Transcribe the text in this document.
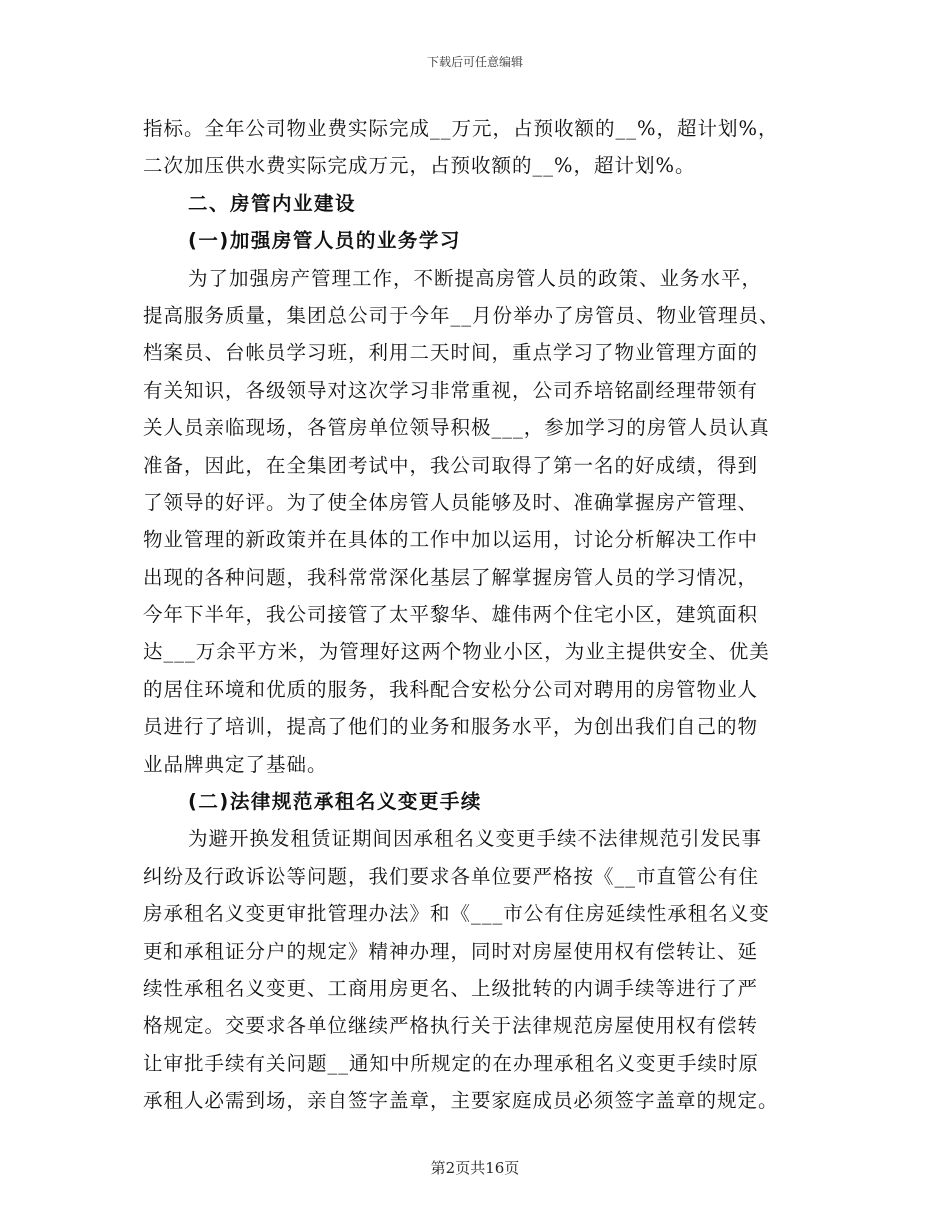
下载后可任意编辑
指标。全年公司物业费实际完成__万元，占预收额的__%，超计划%，
二次加压供水费实际完成万元，占预收额的__%，超计划%。
二、房管内业建设
(一)加强房管人员的业务学习
为了加强房产管理工作，不断提高房管人员的政策、业务水平，
提高服务质量，集团总公司于今年__月份举办了房管员、物业管理员、
档案员、台帐员学习班，利用二天时间，重点学习了物业管理方面的
有关知识，各级领导对这次学习非常重视，公司乔培铭副经理带领有
关人员亲临现场，各管房单位领导积极___，参加学习的房管人员认真
准备，因此，在全集团考试中，我公司取得了第一名的好成绩，得到
了领导的好评。为了使全体房管人员能够及时、准确掌握房产管理、
物业管理的新政策并在具体的工作中加以运用，讨论分析解决工作中
出现的各种问题，我科常常深化基层了解掌握房管人员的学习情况，
今年下半年，我公司接管了太平黎华、雄伟两个住宅小区，建筑面积
达___万余平方米，为管理好这两个物业小区，为业主提供安全、优美
的居住环境和优质的服务，我科配合安松分公司对聘用的房管物业人
员进行了培训，提高了他们的业务和服务水平，为创出我们自己的物
业品牌典定了基础。
(二)法律规范承租名义变更手续
为避开换发租赁证期间因承租名义变更手续不法律规范引发民事
纠纷及行政诉讼等问题，我们要求各单位要严格按《__市直管公有住
房承租名义变更审批管理办法》和《___市公有住房延续性承租名义变
更和承租证分户的规定》精神办理，同时对房屋使用权有偿转让、延
续性承租名义变更、工商用房更名、上级批转的内调手续等进行了严
格规定。交要求各单位继续严格执行关于法律规范房屋使用权有偿转
让审批手续有关问题__通知中所规定的在办理承租名义变更手续时原
承租人必需到场，亲自签字盖章，主要家庭成员必须签字盖章的规定。
第2页共16页
